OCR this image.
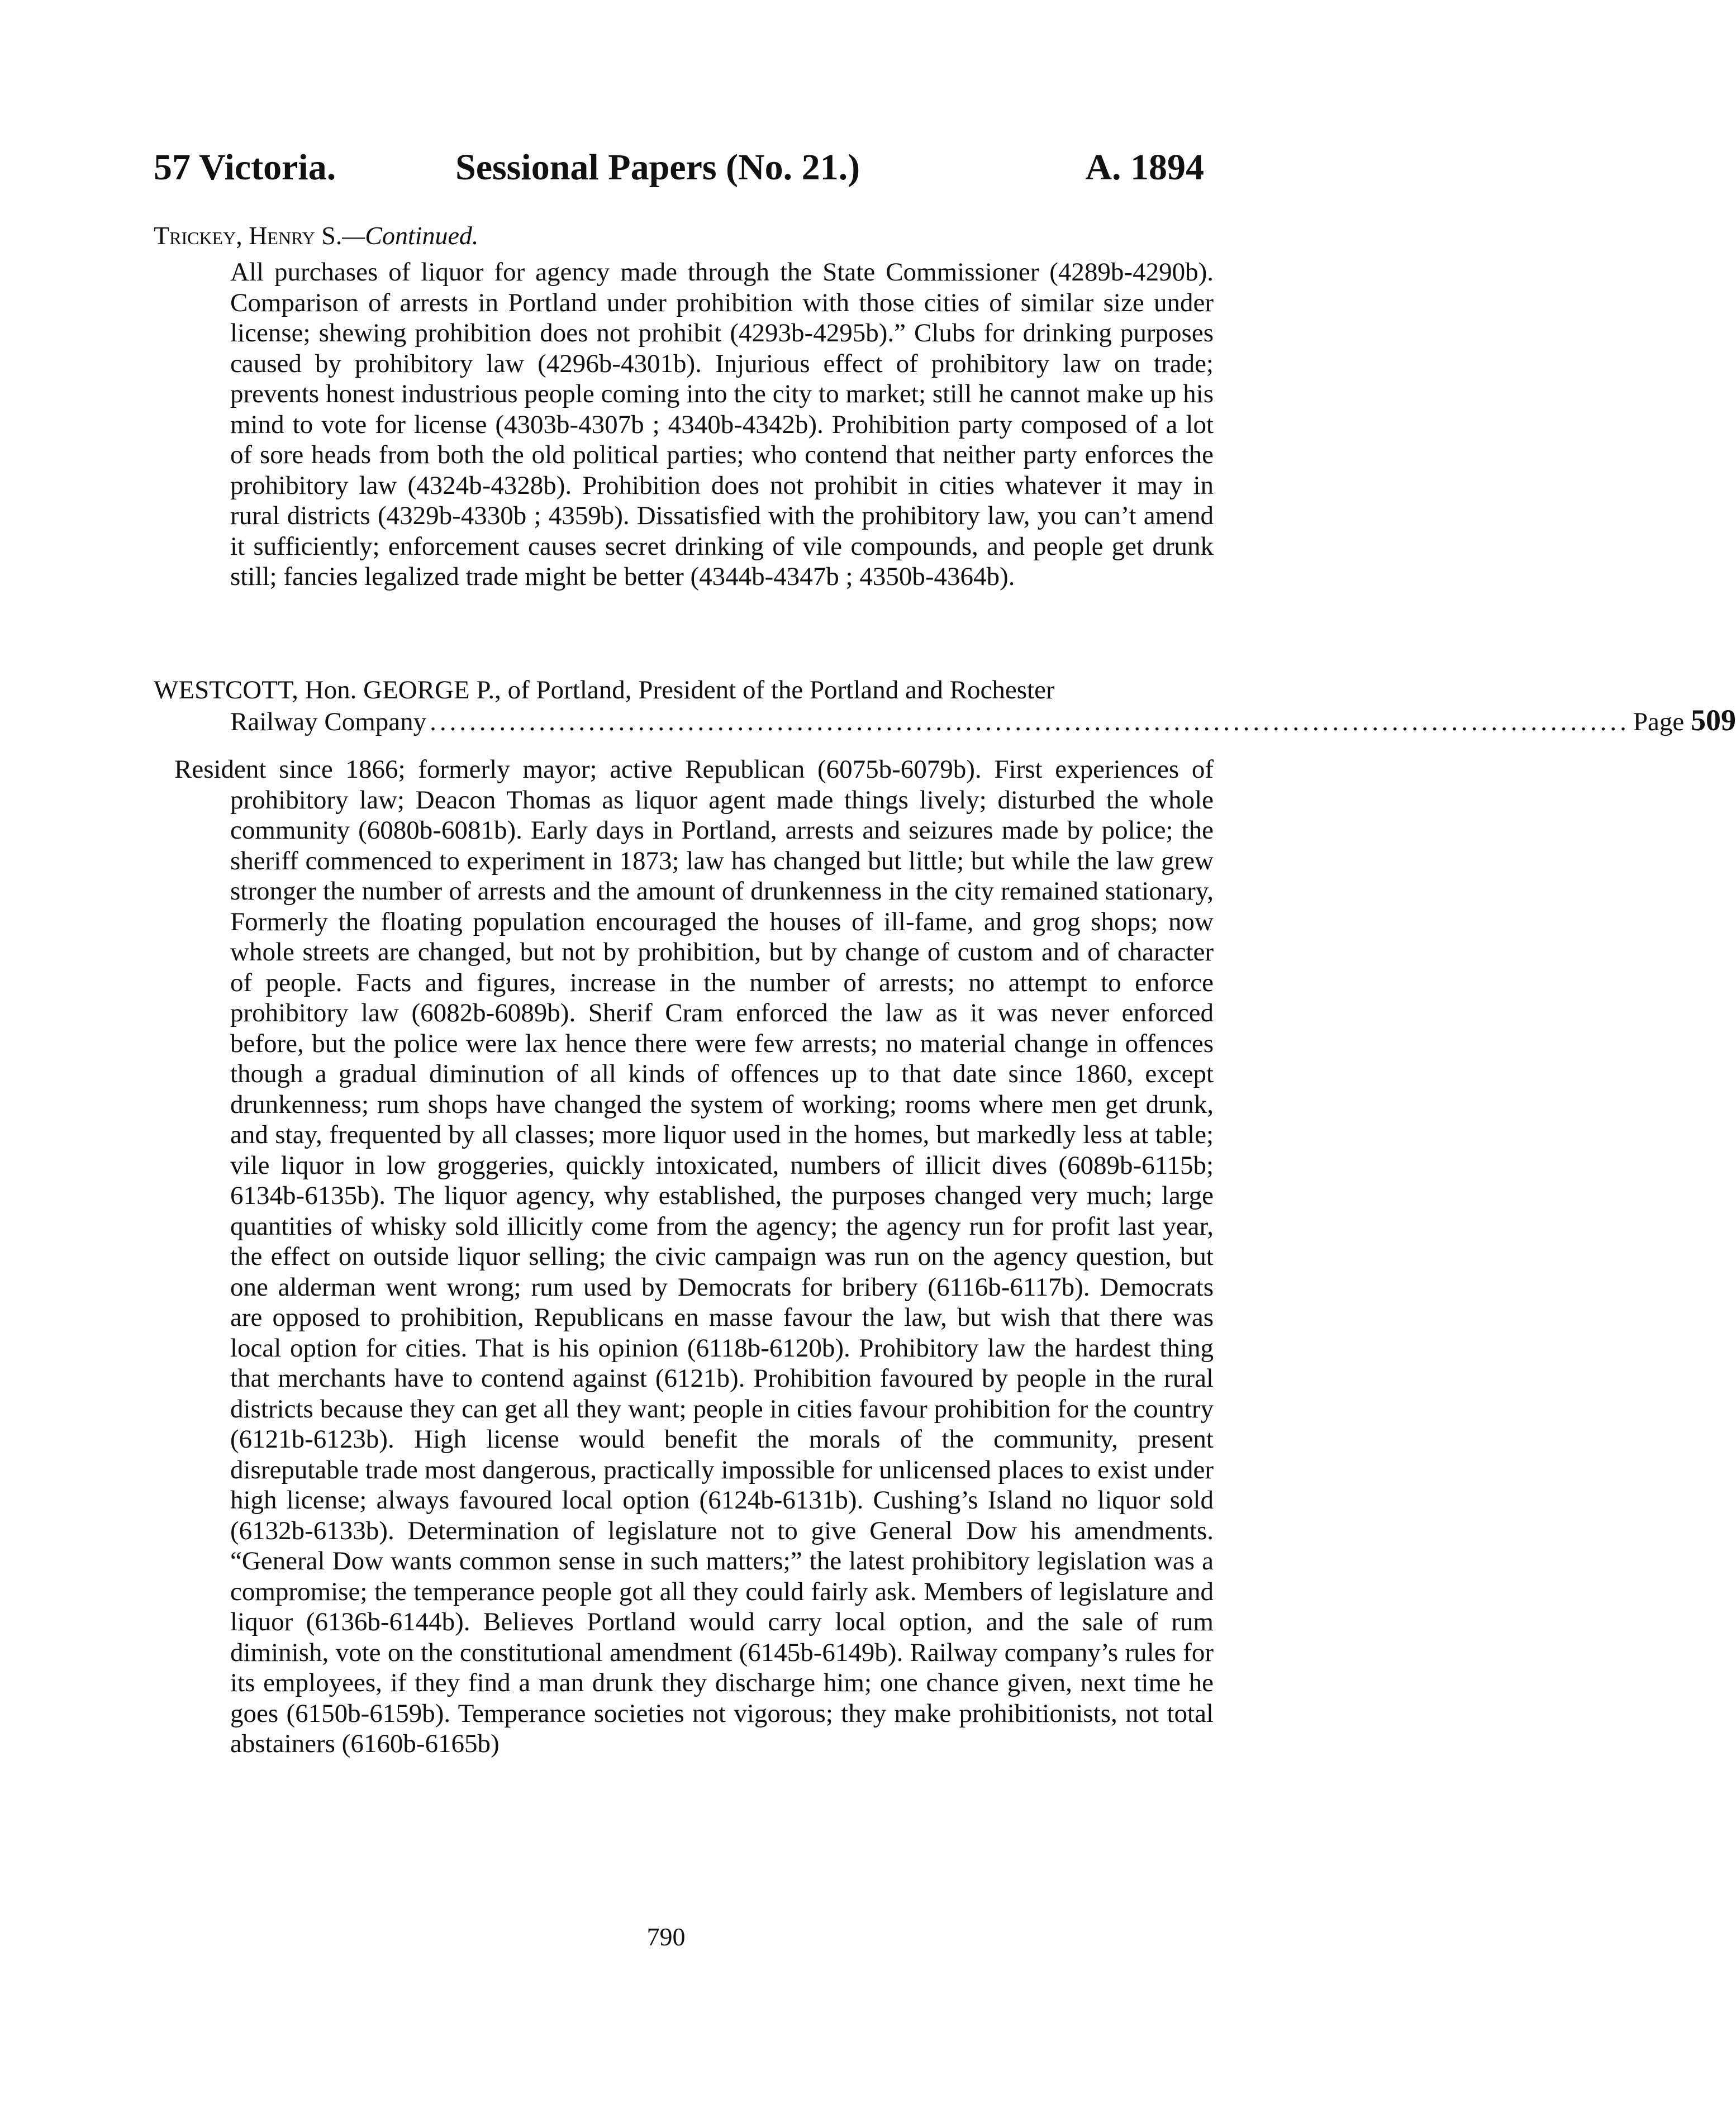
57 Victoria.	Sessional Papers (No. 21.)	A. 1894
Trickey, Henry S.—Continued.

All purchases of liquor for agency made through the State Commissioner (4289b-4290b). Comparison of arrests in Portland under prohibition with those cities of similar size under license; shewing prohibition does not prohibit (4293b-4295b).” Clubs for drinking purposes caused by prohibitory law (4296b-4301b). Injurious effect of prohibitory law on trade; prevents honest industrious people coming into the city to market; still he cannot make up his mind to vote for license (4303b-4307b ; 4340b-4342b). Prohibition party composed of a lot of sore heads from both the old political parties; who contend that neither party enforces the prohibitory law (4324b-4328b). Prohibition does not prohibit in cities whatever it may in rural districts (4329b-4330b ; 4359b). Dissatisfied with the prohibitory law, you can’t amend it sufficiently; enforcement causes secret drinking of vile compounds, and people get drunk still; fancies legalized trade might be better (4344b-4347b ; 4350b-4364b).

WESTCOTT, Hon. GEORGE P., of Portland, President of the Portland and Rochester
Railway Company ......................................................................................................................... Page
509

Resident since 1866; formerly mayor; active Republican (6075b-6079b). First experiences of prohibitory law; Deacon Thomas as liquor agent made things lively; disturbed the whole community (6080b-6081b). Early days in Portland, arrests and seizures made by police; the sheriff commenced to experiment in 1873; law has changed but little; but while the law grew stronger the number of arrests and the amount of drunkenness in the city remained stationary, Formerly the floating population encouraged the houses of ill-fame, and grog shops; now whole streets are changed, but not by prohibition, but by change of custom and of character of people. Facts and figures, increase in the number of arrests; no attempt to enforce prohibitory law (6082b-6089b). Sherif Cram enforced the law as it was never enforced before, but the police were lax hence there were few arrests; no material change in offences though a gradual diminution of all kinds of offences up to that date since 1860, except drunkenness; rum shops have changed the system of working; rooms where men get drunk, and stay, frequented by all classes; more liquor used in the homes, but markedly less at table; vile liquor in low groggeries, quickly intoxicated, numbers of illicit dives (6089b-6115b; 6134b-6135b). The liquor agency, why established, the purposes changed very much; large quantities of whisky sold illicitly come from the agency; the agency run for profit last year, the effect on outside liquor selling; the civic campaign was run on the agency question, but one alderman went wrong; rum used by Democrats for bribery (6116b-6117b). Democrats are opposed to prohibition, Republicans en masse favour the law, but wish that there was local option for cities. That is his opinion (6118b-6120b). Prohibitory law the hardest thing that merchants have to contend against (6121b). Prohibition favoured by people in the rural districts because they can get all they want; people in cities favour prohibition for the country (6121b-6123b). High license would benefit the morals of the community, present disreputable trade most dangerous, practically impossible for unlicensed places to exist under high license; always favoured local option (6124b-6131b). Cushing’s Island no liquor sold (6132b-6133b). Determination of legislature not to give General Dow his amendments. “General Dow wants common sense in such matters;” the latest prohibitory legislation was a compromise; the temperance people got all they could fairly ask. Members of legislature and liquor (6136b-6144b). Believes Portland would carry local option, and the sale of rum diminish, vote on the constitutional amendment (6145b-6149b). Railway company’s rules for its employees, if they find a man drunk they discharge him; one chance given, next time he goes (6150b-6159b). Temperance societies not vigorous; they make prohibitionists, not total abstainers (6160b-6165b)

790
